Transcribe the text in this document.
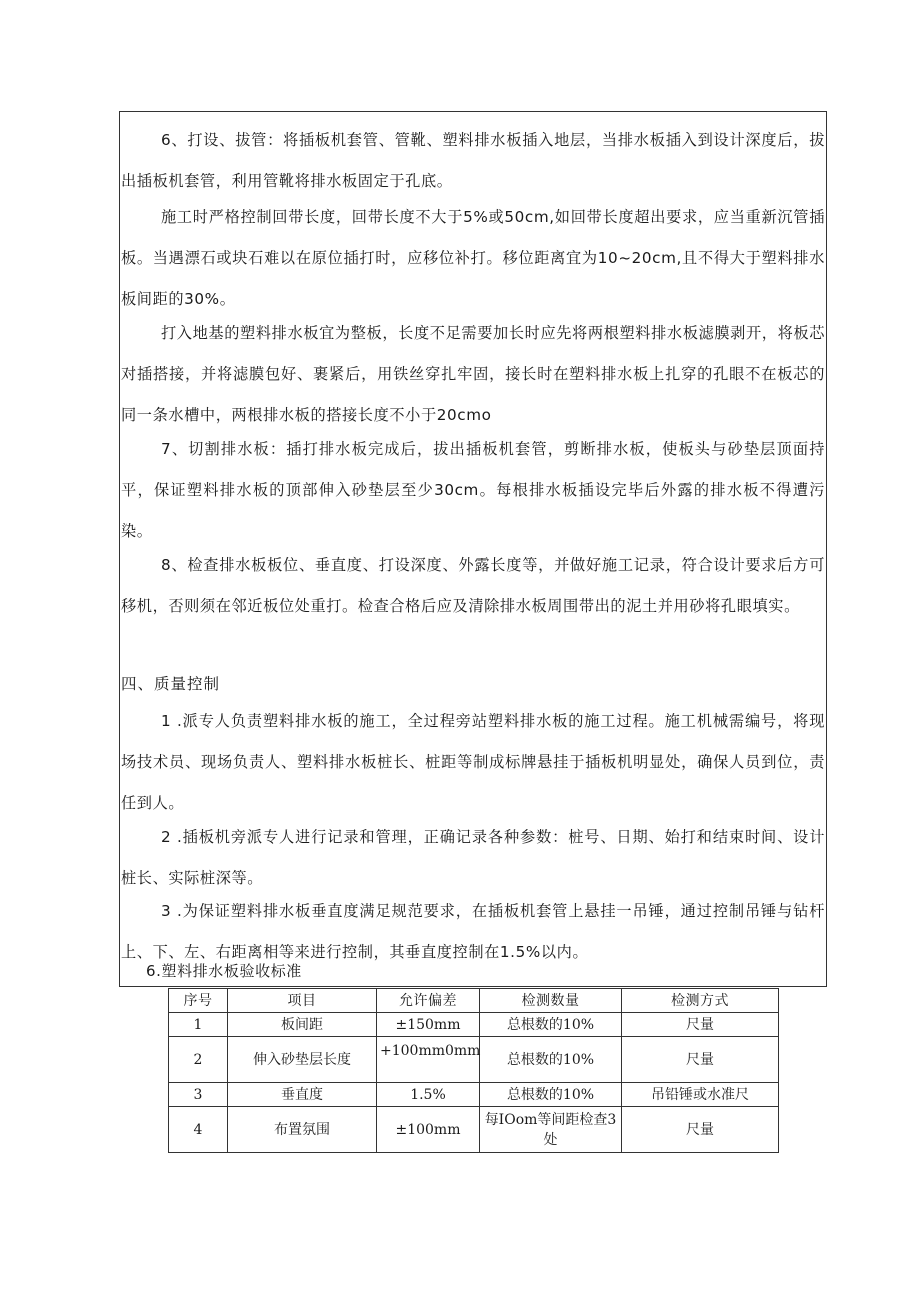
6、打设、拔管：将插板机套管、管靴、塑料排水板插入地层，当排水板插入到设计深度后，拔出插板机套管，利用管靴将排水板固定于孔底。

施工时严格控制回带长度，回带长度不大于5%或50cm,如回带长度超出要求，应当重新沉管插板。当遇漂石或块石难以在原位插打时，应移位补打。移位距离宜为10~20cm,且不得大于塑料排水板间距的30%。

打入地基的塑料排水板宜为整板，长度不足需要加长时应先将两根塑料排水板滤膜剥开，将板芯对插搭接，并将滤膜包好、裹紧后，用铁丝穿扎牢固，接长时在塑料排水板上扎穿的孔眼不在板芯的同一条水槽中，两根排水板的搭接长度不小于20cmo

7、切割排水板：插打排水板完成后，拔出插板机套管，剪断排水板，使板头与砂垫层顶面持平，保证塑料排水板的顶部伸入砂垫层至少30cm。每根排水板插设完毕后外露的排水板不得遭污染。

8、检查排水板板位、垂直度、打设深度、外露长度等，并做好施工记录，符合设计要求后方可移机，否则须在邻近板位处重打。检查合格后应及清除排水板周围带出的泥土并用砂将孔眼填实。

四、质量控制

1 .派专人负责塑料排水板的施工，全过程旁站塑料排水板的施工过程。施工机械需编号，将现场技术员、现场负责人、塑料排水板桩长、桩距等制成标牌悬挂于插板机明显处，确保人员到位，责任到人。

2 .插板机旁派专人进行记录和管理，正确记录各种参数：桩号、日期、始打和结束时间、设计桩长、实际桩深等。

3 .为保证塑料排水板垂直度满足规范要求，在插板机套管上悬挂一吊锤，通过控制吊锤与钻杆上、下、左、右距离相等来进行控制，其垂直度控制在1.5%以内。

6.塑料排水板验收标准

序号	项目	允许偏差	检测数量	检测方式
1	板间距	±150mm	总根数的10%	尺量
2	伸入砂垫层长度	+100mm0mm	总根数的10%	尺量
3	垂直度	1.5%	总根数的10%	吊铅锤或水准尺
4	布置氛围	±100mm	每IOom等间距检查3处	尺量
